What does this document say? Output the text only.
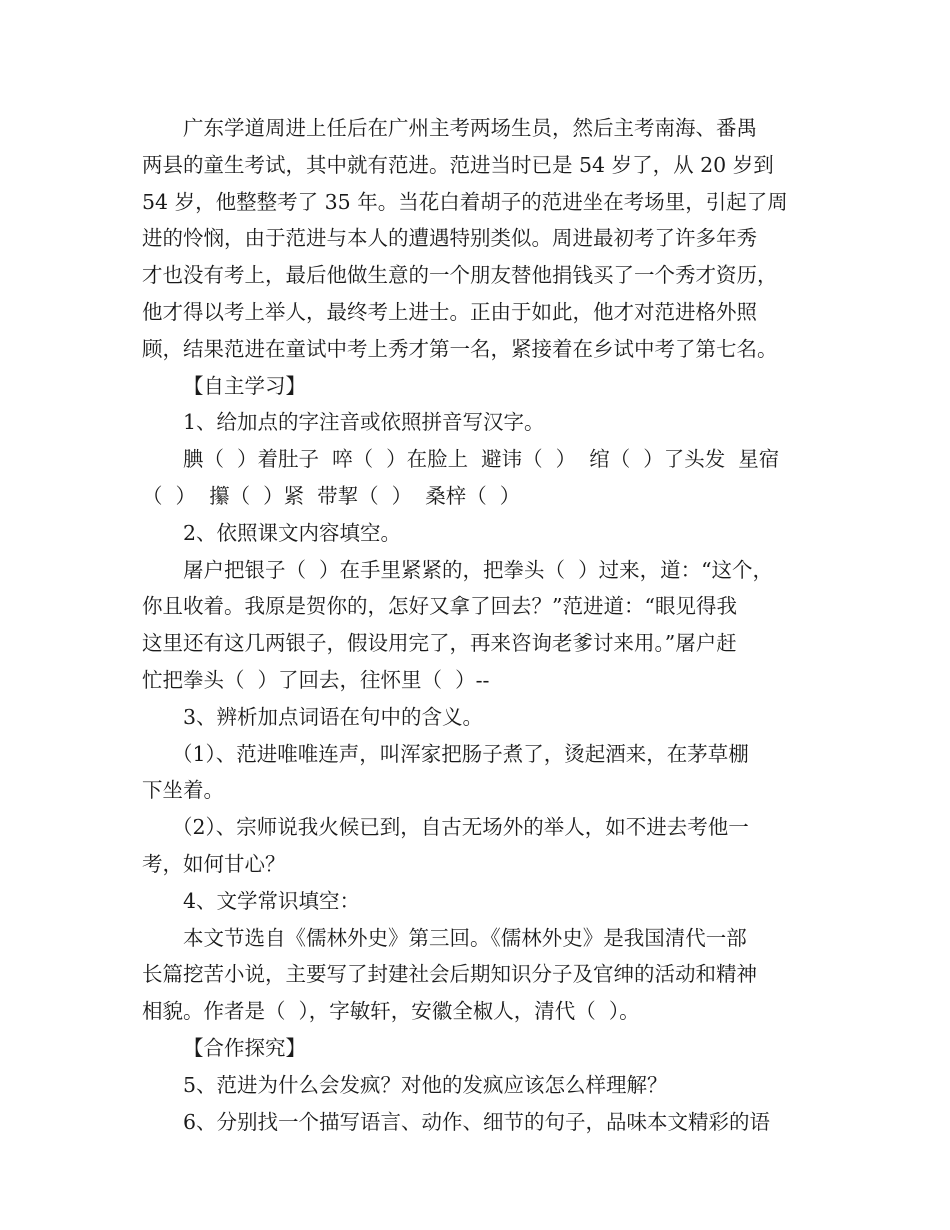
广东学道周进上任后在广州主考两场生员，然后主考南海、番禺
两县的童生考试，其中就有范进。范进当时已是 54 岁了，从 20 岁到
54 岁，他整整考了 35 年。当花白着胡子的范进坐在考场里，引起了周
进的怜悯，由于范进与本人的遭遇特别类似。周进最初考了许多年秀
才也没有考上，最后他做生意的一个朋友替他捐钱买了一个秀才资历，
他才得以考上举人，最终考上进士。正由于如此，他才对范进格外照
顾，结果范进在童试中考上秀才第一名，紧接着在乡试中考了第七名。
【自主学习】
1、给加点的字注音或依照拼音写汉字。
腆（  ）着肚子  啐（  ）在脸上  避讳（  ）  绾（  ）了头发  星宿
（  ）  攥（  ）紧  带挈（  ）  桑梓（  ）
2、依照课文内容填空。
屠户把银子（  ）在手里紧紧的，把拳头（  ）过来，道：“这个，
你且收着。我原是贺你的，怎好又拿了回去？”范进道：“眼见得我
这里还有这几两银子，假设用完了，再来咨询老爹讨来用。”屠户赶
忙把拳头（  ）了回去，往怀里（  ）--
3、辨析加点词语在句中的含义。
（1）、范进唯唯连声，叫浑家把肠子煮了，烫起酒来，在茅草棚
下坐着。
（2）、宗师说我火候已到，自古无场外的举人，如不进去考他一
考，如何甘心？
4、文学常识填空：
本文节选自《儒林外史》第三回。《儒林外史》是我国清代一部
长篇挖苦小说，主要写了封建社会后期知识分子及官绅的活动和精神
相貌。作者是（  ），字敏轩，安徽全椒人，清代（  ）。
【合作探究】
5、范进为什么会发疯？对他的发疯应该怎么样理解？
6、分别找一个描写语言、动作、细节的句子，品味本文精彩的语
